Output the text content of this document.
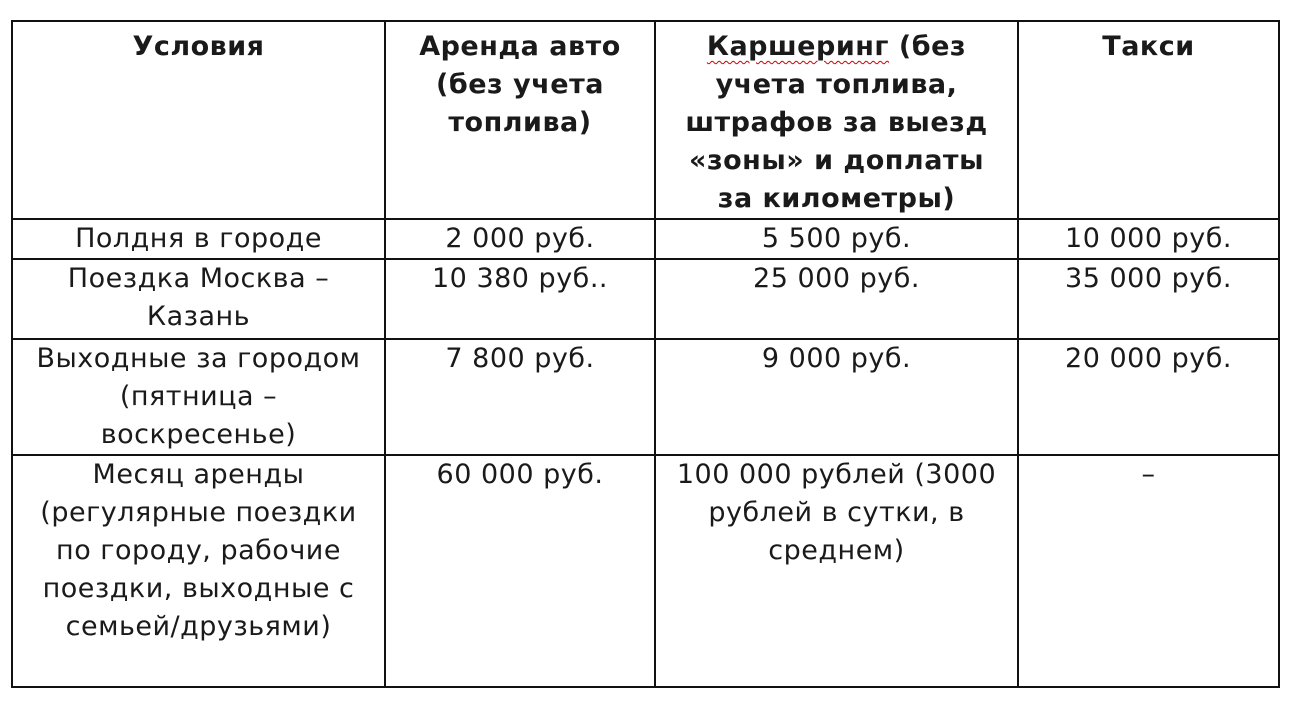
Условия	Аренда авто (без учета топлива)	Каршеринг (без учета топлива, штрафов за выезд «зоны» и доплаты за километры)	Такси
Полдня в городе	2 000 руб.	5 500 руб.	10 000 руб.
Поездка Москва – Казань	10 380 руб..	25 000 руб.	35 000 руб.
Выходные за городом (пятница – воскресенье)	7 800 руб.	9 000 руб.	20 000 руб.
Месяц аренды (регулярные поездки по городу, рабочие поездки, выходные с семьей/друзьями)	60 000 руб.	100 000 рублей (3000 рублей в сутки, в среднем)	–
